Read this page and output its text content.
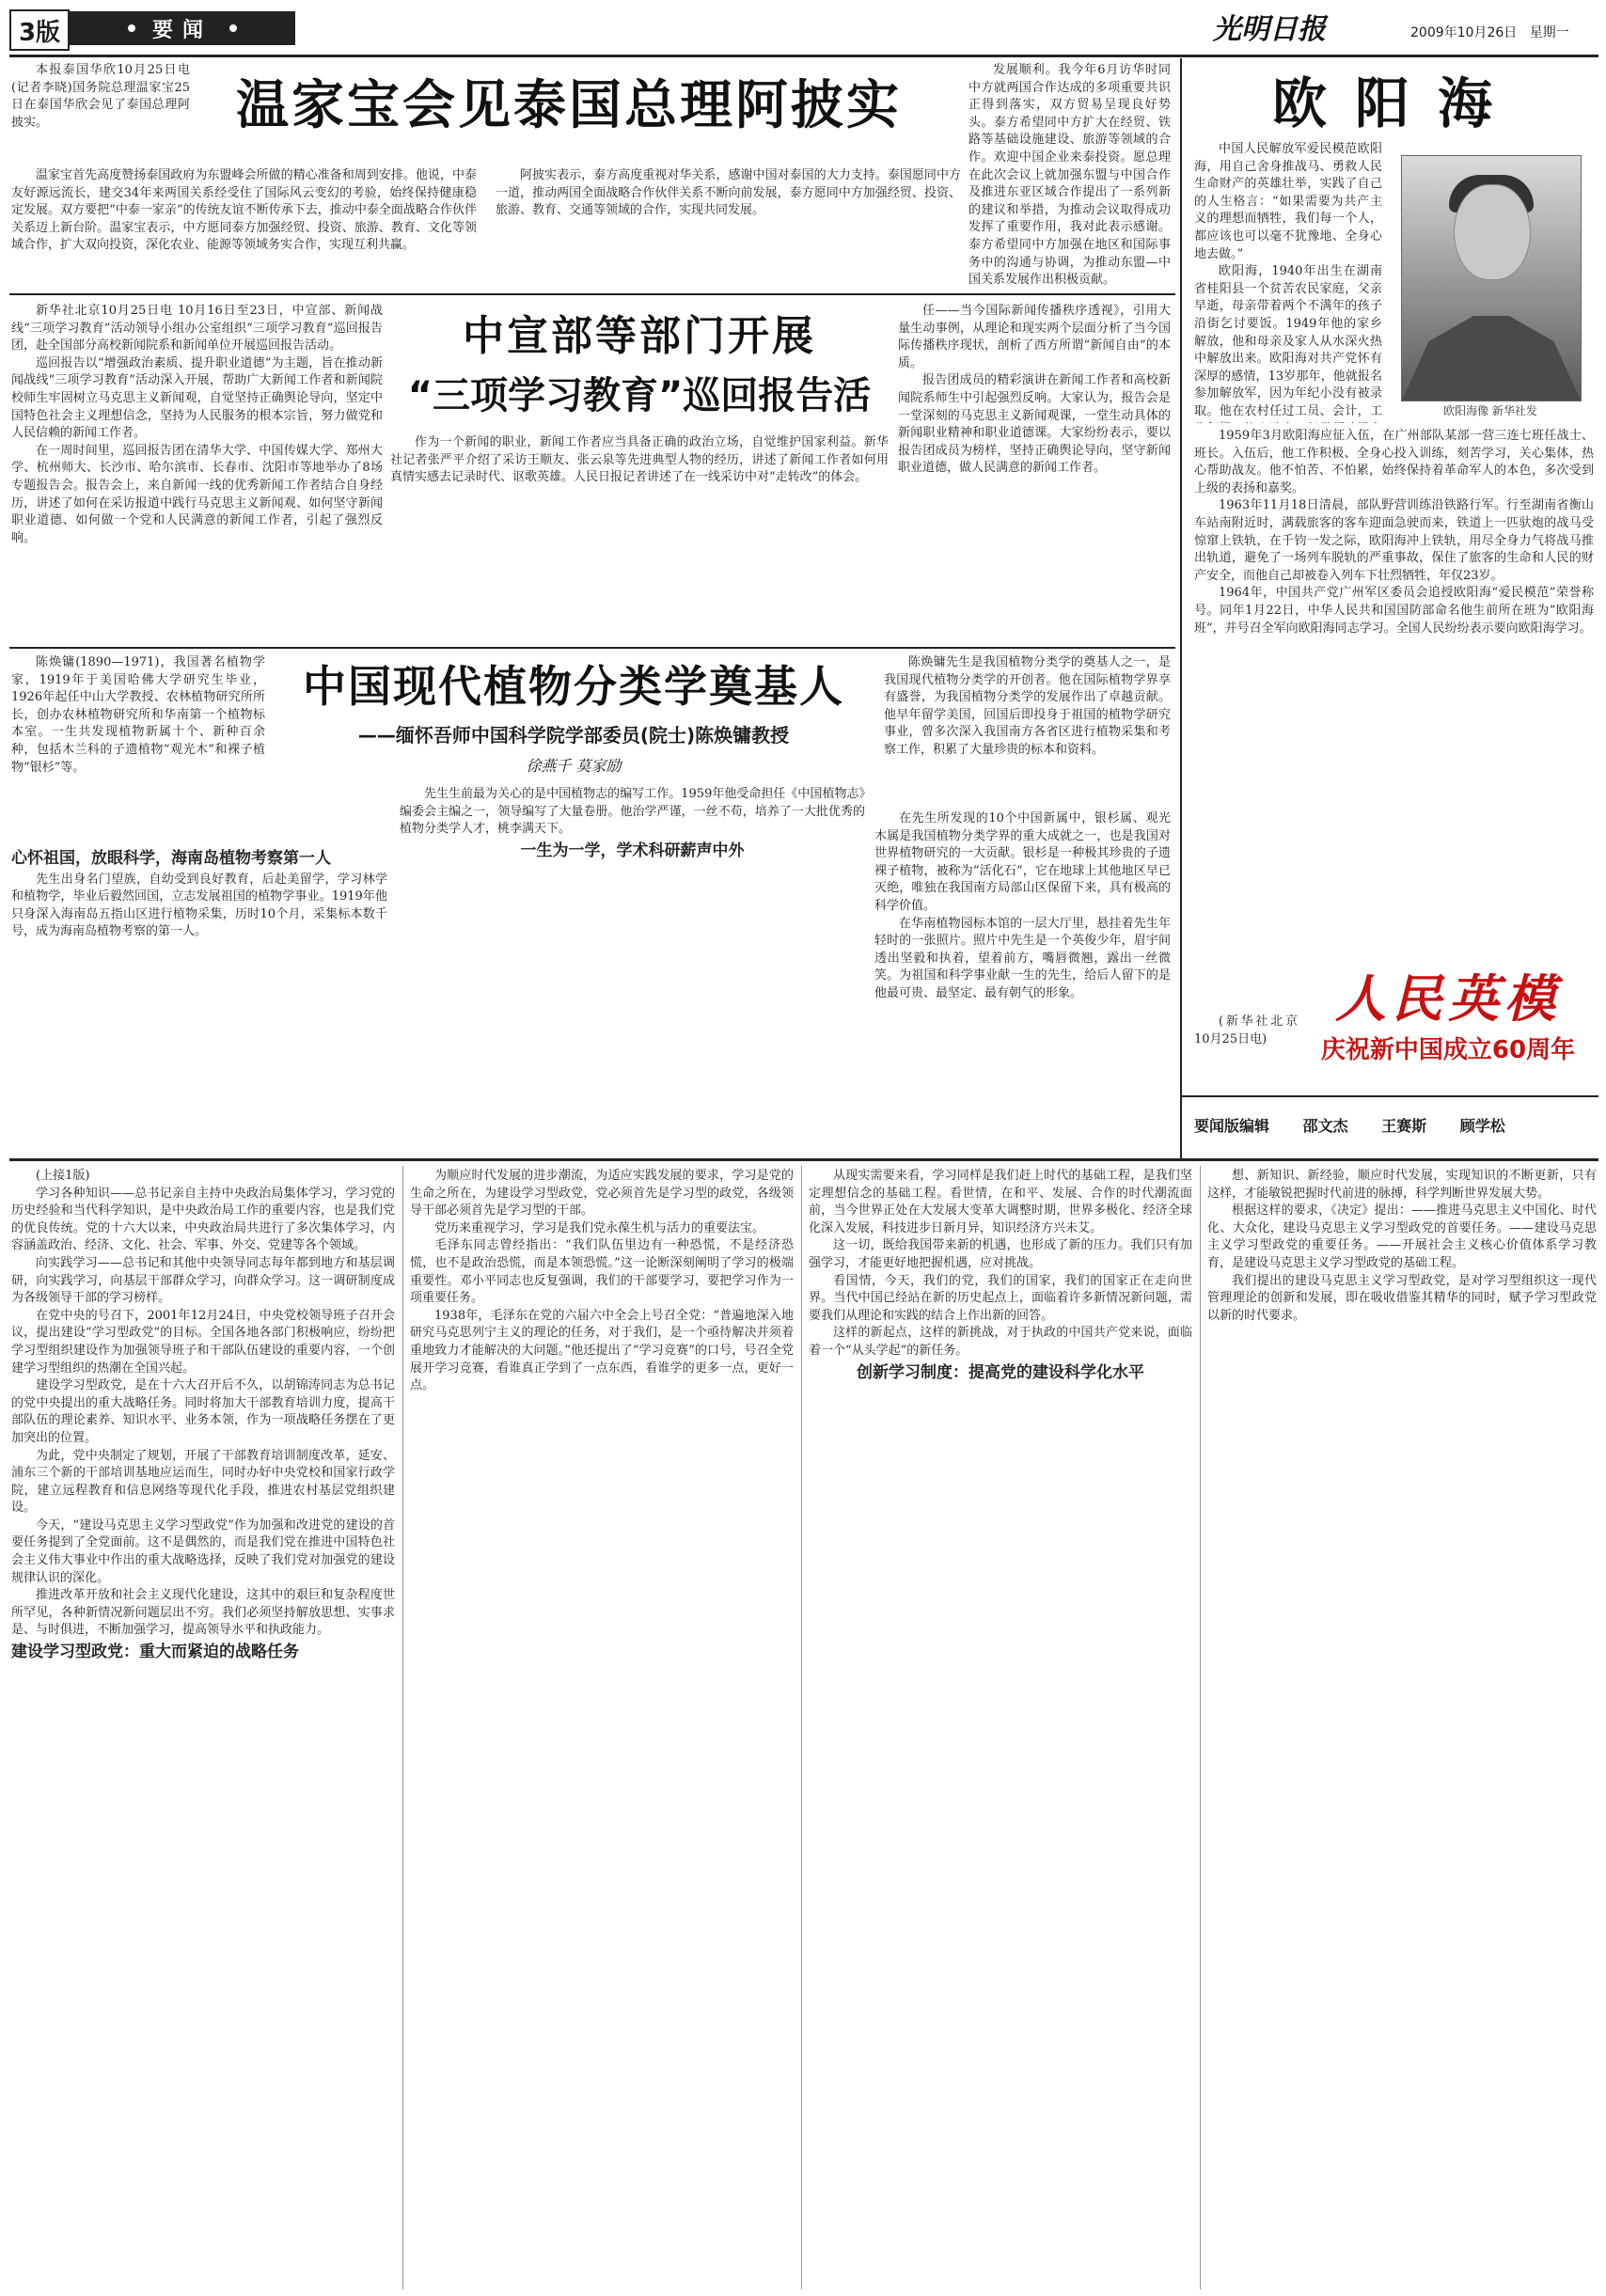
3版	要闻	光明日报	2009年10月26日 星期一

本报泰国华欣10月25日电(记者李晓)国务院总理温家宝25日在泰国华欣会见了泰国总理阿披实。	温家宝会见泰国总理阿披实

温家宝首先高度赞扬泰国政府为东盟峰会所做的精心准备和周到安排。他说，中泰友好源远流长，建交34年来两国关系经受住了国际风云变幻的考验，始终保持健康稳定发展。双方要把“中泰一家亲”的传统友谊不断传承下去，推动中泰全面战略合作伙伴关系迈上新台阶。温家宝表示，中方愿同泰方加强经贸、投资、旅游、教育、文化等领域合作，扩大双向投资，深化农业、能源等领域务实合作，实现互利共赢。

阿披实表示，泰方高度重视对华关系，感谢中国对泰国的大力支持。泰国愿同中方一道，推动两国全面战略合作伙伴关系不断向前发展，泰方愿同中方加强经贸、投资、旅游、教育、交通等领域的合作，实现共同发展。

发展顺利。我今年6月访华时同中方就两国合作达成的多项重要共识正得到落实，双方贸易呈现良好势头。泰方希望同中方扩大在经贸、铁路等基础设施建设、旅游等领域的合作。欢迎中国企业来泰投资。愿总理在此次会议上就加强东盟与中国合作及推进东亚区域合作提出了一系列新的建议和举措，为推动会议取得成功发挥了重要作用，我对此表示感谢。泰方希望同中方加强在地区和国际事务中的沟通与协调，为推动东盟—中国关系发展作出积极贡献。

新华社北京10月25日电 10月16日至23日，中宣部、新闻战线“三项学习教育”活动领导小组办公室组织“三项学习教育”巡回报告团，赴全国部分高校新闻院系和新闻单位开展巡回报告活动。

巡回报告以“增强政治素质、提升职业道德”为主题，旨在推动新闻战线“三项学习教育”活动深入开展，帮助广大新闻工作者和新闻院校师生牢固树立马克思主义新闻观，自觉坚持正确舆论导向，坚定中国特色社会主义理想信念，坚持为人民服务的根本宗旨，努力做党和人民信赖的新闻工作者。

在一周时间里，巡回报告团在清华大学、中国传媒大学、郑州大学、杭州师大、长沙市、哈尔滨市、长春市、沈阳市等地举办了8场专题报告会。报告会上，来自新闻一线的优秀新闻工作者结合自身经历，讲述了如何在采访报道中践行马克思主义新闻观、如何坚守新闻职业道德、如何做一个党和人民满意的新闻工作者，引起了强烈反响。

中宣部等部门开展
“三项学习教育”巡回报告活

作为一个新闻的职业，新闻工作者应当具备正确的政治立场，自觉维护国家利益。新华社记者张严平介绍了采访王顺友、张云泉等先进典型人物的经历，讲述了新闻工作者如何用真情实感去记录时代、讴歌英雄。人民日报记者讲述了在一线采访中对“走转改”的体会。

任——当今国际新闻传播秩序透视》，引用大量生动事例，从理论和现实两个层面分析了当今国际传播秩序现状，剖析了西方所谓“新闻自由”的本质。

报告团成员的精彩演讲在新闻工作者和高校新闻院系师生中引起强烈反响。大家认为，报告会是一堂深刻的马克思主义新闻观课，一堂生动具体的新闻职业精神和职业道德课。大家纷纷表示，要以报告团成员为榜样，坚持正确舆论导向，坚守新闻职业道德，做人民满意的新闻工作者。

陈焕镛(1890—1971)，我国著名植物学家，1919年于美国哈佛大学研究生毕业，1926年起任中山大学教授、农林植物研究所所长，创办农林植物研究所和华南第一个植物标本室。一生共发现植物新属十个、新种百余种，包括木兰科的子遗植物“观光木”和裸子植物“银杉”等。

中国现代植物分类学奠基人
——缅怀吾师中国科学院学部委员(院士)陈焕镛教授
徐燕千 莫家励

陈焕镛先生是我国植物分类学的奠基人之一，是我国现代植物分类学的开创者。他在国际植物学界享有盛誉，为我国植物分类学的发展作出了卓越贡献。他早年留学美国，回国后即投身于祖国的植物学研究事业，曾多次深入我国南方各省区进行植物采集和考察工作，积累了大量珍贵的标本和资料。

心怀祖国，放眼科学，海南岛植物考察第一人

先生出身名门望族，自幼受到良好教育，后赴美留学，学习林学和植物学，毕业后毅然回国，立志发展祖国的植物学事业。1919年他只身深入海南岛五指山区进行植物采集，历时10个月，采集标本数千号，成为海南岛植物考察的第一人。

先生生前最为关心的是中国植物志的编写工作。1959年他受命担任《中国植物志》编委会主编之一，领导编写了大量卷册。他治学严谨，一丝不苟，培养了一大批优秀的植物分类学人才，桃李满天下。

一生为一学，学术科研薪声中外

在先生所发现的10个中国新属中，银杉属、观光木属是我国植物分类学界的重大成就之一，也是我国对世界植物研究的一大贡献。银杉是一种极其珍贵的子遗裸子植物，被称为“活化石”，它在地球上其他地区早已灭绝，唯独在我国南方局部山区保留下来，具有极高的科学价值。

在华南植物园标本馆的一层大厅里，悬挂着先生年轻时的一张照片。照片中先生是一个英俊少年，眉宇间透出坚毅和执着，望着前方，嘴唇微翘，露出一丝微笑。为祖国和科学事业献一生的先生，给后人留下的是他最可贵、最坚定、最有朝气的形象。

欧阳海

中国人民解放军爱民模范欧阳海，用自己舍身推战马、勇救人民生命财产的英雄壮举，实践了自己的人生格言：“如果需要为共产主义的理想而牺牲，我们每一个人，都应该也可以毫不犹豫地、全身心地去做。”

欧阳海，1940年出生在湖南省桂阳县一个贫苦农民家庭，父亲早逝，母亲带着两个不满年的孩子沿街乞讨要饭。1949年他的家乡解放，他和母亲及家人从水深火热中解放出来。欧阳海对共产党怀有深厚的感情，13岁那年，他就报名参加解放军，因为年纪小没有被录取。他在农村任过工员、会计，工	欧阳海像 新华社发

1959年3月欧阳海应征入伍，在广州部队某部一营三连七班任战士、班长。入伍后，他工作积极、全身心投入训练，刻苦学习，关心集体，热心帮助战友。他不怕苦、不怕累，始终保持着革命军人的本色，多次受到上级的表扬和嘉奖。

1963年11月18日清晨，部队野营训练沿铁路行军。行至湖南省衡山车站南附近时，满载旅客的客车迎面急驶而来，铁道上一匹驮炮的战马受惊窜上铁轨，在千钧一发之际，欧阳海冲上铁轨，用尽全身力气将战马推出轨道，避免了一场列车脱轨的严重事故，保住了旅客的生命和人民的财产安全，而他自己却被卷入列车下壮烈牺牲，年仅23岁。

1964年，中国共产党广州军区委员会追授欧阳海“爱民模范”荣誉称号。同年1月22日，中华人民共和国国防部命名他生前所在班为“欧阳海班”，并号召全军向欧阳海同志学习。全国人民纷纷表示要向欧阳海学习。

(新华社北京10月25日电)

人民英模
庆祝新中国成立60周年
要闻版编辑 邵文杰 王赛斯 顾学松

(上接1版)

学习各种知识——总书记亲自主持中央政治局集体学习，学习党的历史经验和当代科学知识，是中央政治局工作的重要内容，也是我们党的优良传统。党的十六大以来，中央政治局共进行了多次集体学习，内容涵盖政治、经济、文化、社会、军事、外交、党建等各个领域。

向实践学习——总书记和其他中央领导同志每年都到地方和基层调研，向实践学习，向基层干部群众学习，向群众学习。这一调研制度成为各级领导干部的学习榜样。

在党中央的号召下，2001年12月24日，中央党校领导班子召开会议，提出建设“学习型政党”的目标。全国各地各部门积极响应，纷纷把学习型组织建设作为加强领导班子和干部队伍建设的重要内容，一个创建学习型组织的热潮在全国兴起。

建设学习型政党，是在十六大召开后不久，以胡锦涛同志为总书记的党中央提出的重大战略任务。同时将加大干部教育培训力度，提高干部队伍的理论素养、知识水平、业务本领，作为一项战略任务摆在了更加突出的位置。

为此，党中央制定了规划，开展了干部教育培训制度改革，延安、浦东三个新的干部培训基地应运而生，同时办好中央党校和国家行政学院，建立远程教育和信息网络等现代化手段，推进农村基层党组织建设。

今天，“建设马克思主义学习型政党”作为加强和改进党的建设的首要任务提到了全党面前。这不是偶然的，而是我们党在推进中国特色社会主义伟大事业中作出的重大战略选择，反映了我们党对加强党的建设规律认识的深化。

推进改革开放和社会主义现代化建设，这其中的艰巨和复杂程度世所罕见，各种新情况新问题层出不穷。我们必须坚持解放思想、实事求是、与时俱进，不断加强学习，提高领导水平和执政能力。

建设学习型政党：重大而紧迫的战略任务

为顺应时代发展的进步潮流，为适应实践发展的要求，学习是党的生命之所在，为建设学习型政党，党必须首先是学习型的政党，各级领导干部必须首先是学习型的干部。

党历来重视学习，学习是我们党永葆生机与活力的重要法宝。

毛泽东同志曾经指出：“我们队伍里边有一种恐慌，不是经济恐慌，也不是政治恐慌，而是本领恐慌。”这一论断深刻阐明了学习的极端重要性。邓小平同志也反复强调，我们的干部要学习，要把学习作为一项重要任务。

1938年，毛泽东在党的六届六中全会上号召全党：“普遍地深入地研究马克思列宁主义的理论的任务，对于我们，是一个亟待解决并须着重地致力才能解决的大问题。”他还提出了“学习竞赛”的口号，号召全党展开学习竞赛，看谁真正学到了一点东西，看谁学的更多一点，更好一点。

从现实需要来看，学习同样是我们赶上时代的基础工程，是我们坚定理想信念的基础工程。看世情，在和平、发展、合作的时代潮流面前，当今世界正处在大发展大变革大调整时期，世界多极化、经济全球化深入发展，科技进步日新月异，知识经济方兴未艾。

这一切，既给我国带来新的机遇，也形成了新的压力。我们只有加强学习，才能更好地把握机遇，应对挑战。

看国情，今天，我们的党，我们的国家，我们的国家正在走向世界。当代中国已经站在新的历史起点上，面临着许多新情况新问题，需要我们从理论和实践的结合上作出新的回答。

这样的新起点，这样的新挑战，对于执政的中国共产党来说，面临着一个“从头学起”的新任务。

创新学习制度：提高党的建设科学化水平

想、新知识、新经验，顺应时代发展，实现知识的不断更新，只有这样，才能敏锐把握时代前进的脉搏，科学判断世界发展大势。

根据这样的要求，《决定》提出：——推进马克思主义中国化、时代化、大众化，建设马克思主义学习型政党的首要任务。——建设马克思主义学习型政党的重要任务。——开展社会主义核心价值体系学习教育，是建设马克思主义学习型政党的基础工程。

我们提出的建设马克思主义学习型政党，是对学习型组织这一现代管理理论的创新和发展，即在吸收借鉴其精华的同时，赋予学习型政党以新的时代要求。
